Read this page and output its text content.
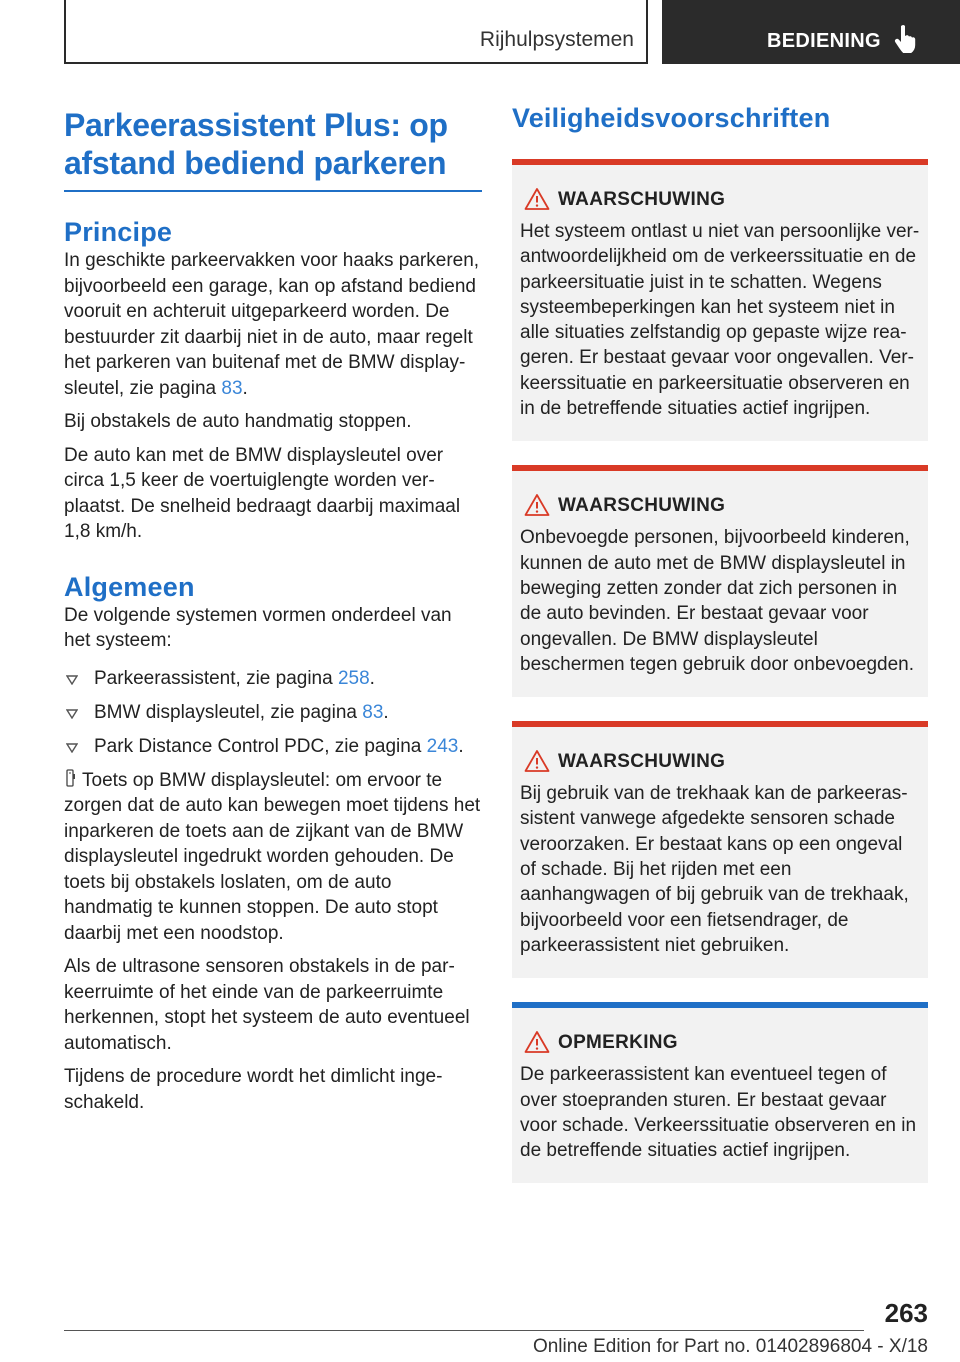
Rijhulpsystemen	BEDIENING
Parkeerassistent Plus: op
afstand bediend parkeren
Principe

In geschikte parkeervakken voor haaks parkeren, bijvoorbeeld een garage, kan op afstand bediend vooruit en achteruit uitgeparkeerd worden. De bestuurder zit daarbij niet in de auto, maar regelt het parkeren van buitenaf met de BMW displaysleutel, zie pagina 83.

Bij obstakels de auto handmatig stoppen.

De auto kan met de BMW displaysleutel over circa 1,5 keer de voertuiglengte worden verplaatst. De snelheid bedraagt daarbij maximaal 1,8 km/h.

Algemeen

De volgende systemen vormen onderdeel van het systeem:

Parkeerassistent, zie pagina 258.
BMW displaysleutel, zie pagina 83.
Park Distance Control PDC, zie pagina 243.

Toets op BMW displaysleutel: om ervoor te zorgen dat de auto kan bewegen moet tijdens het inparkeren de toets aan de zijkant van de BMW displaysleutel ingedrukt worden gehouden. De toets bij obstakels loslaten, om de auto handmatig te kunnen stoppen. De auto stopt daarbij met een noodstop.

Als de ultrasone sensoren obstakels in de parkeerruimte of het einde van de parkeerruimte herkennen, stopt het systeem de auto eventueel automatisch.

Tijdens de procedure wordt het dimlicht ingeschakeld.

Veiligheidsvoorschriften
WAARSCHUWING

Het systeem ontlast u niet van persoonlijke verantwoordelijkheid om de verkeerssituatie en de parkeersituatie juist in te schatten. Wegens systeembeperkingen kan het systeem niet in alle situaties zelfstandig op gepaste wijze reageren. Er bestaat gevaar voor ongevallen. Verkeerssituatie en parkeersituatie observeren en in de betreffende situaties actief ingrijpen.

WAARSCHUWING

Onbevoegde personen, bijvoorbeeld kinderen, kunnen de auto met de BMW displaysleutel in beweging zetten zonder dat zich personen in de auto bevinden. Er bestaat gevaar voor ongevallen. De BMW displaysleutel beschermen tegen gebruik door onbevoegden.

WAARSCHUWING

Bij gebruik van de trekhaak kan de parkeerassistent vanwege afgedekte sensoren schade veroorzaken. Er bestaat kans op een ongeval of schade. Bij het rijden met een aanhangwagen of bij gebruik van de trekhaak, bijvoorbeeld voor een fietsendrager, de parkeerassistent niet gebruiken.

OPMERKING

De parkeerassistent kan eventueel tegen of over stoepranden sturen. Er bestaat gevaar voor schade. Verkeerssituatie observeren en in de betreffende situaties actief ingrijpen.

263
Online Edition for Part no. 01402896804 - X/18
